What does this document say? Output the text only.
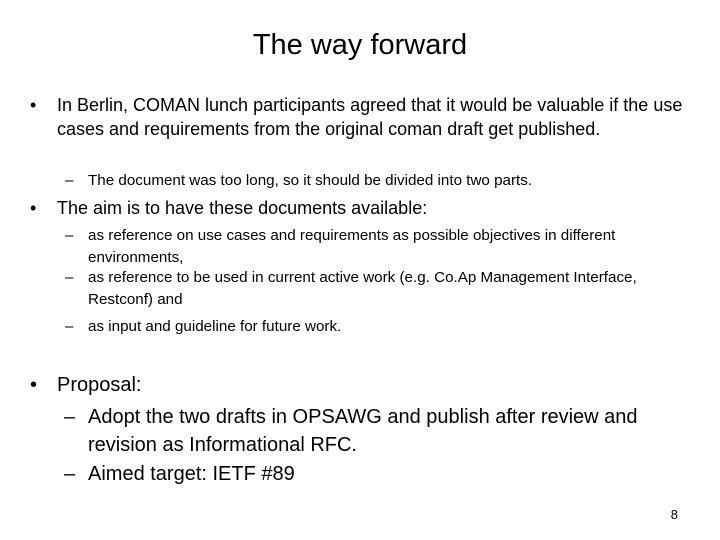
The way forward
• In Berlin, COMAN lunch participants agreed that it would be valuable if the use cases and requirements from the original coman draft get published.
– The document was too long, so it should be divided into two parts.
• The aim is to have these documents available:
– as reference on use cases and requirements as possible objectives in different environments,
– as reference to be used in current active work (e.g. Co.Ap Management Interface, Restconf) and
– as input and guideline for future work.
• Proposal:
– Adopt the two drafts in OPSAWG and publish after review and revision as Informational RFC.
– Aimed target: IETF #89
8
